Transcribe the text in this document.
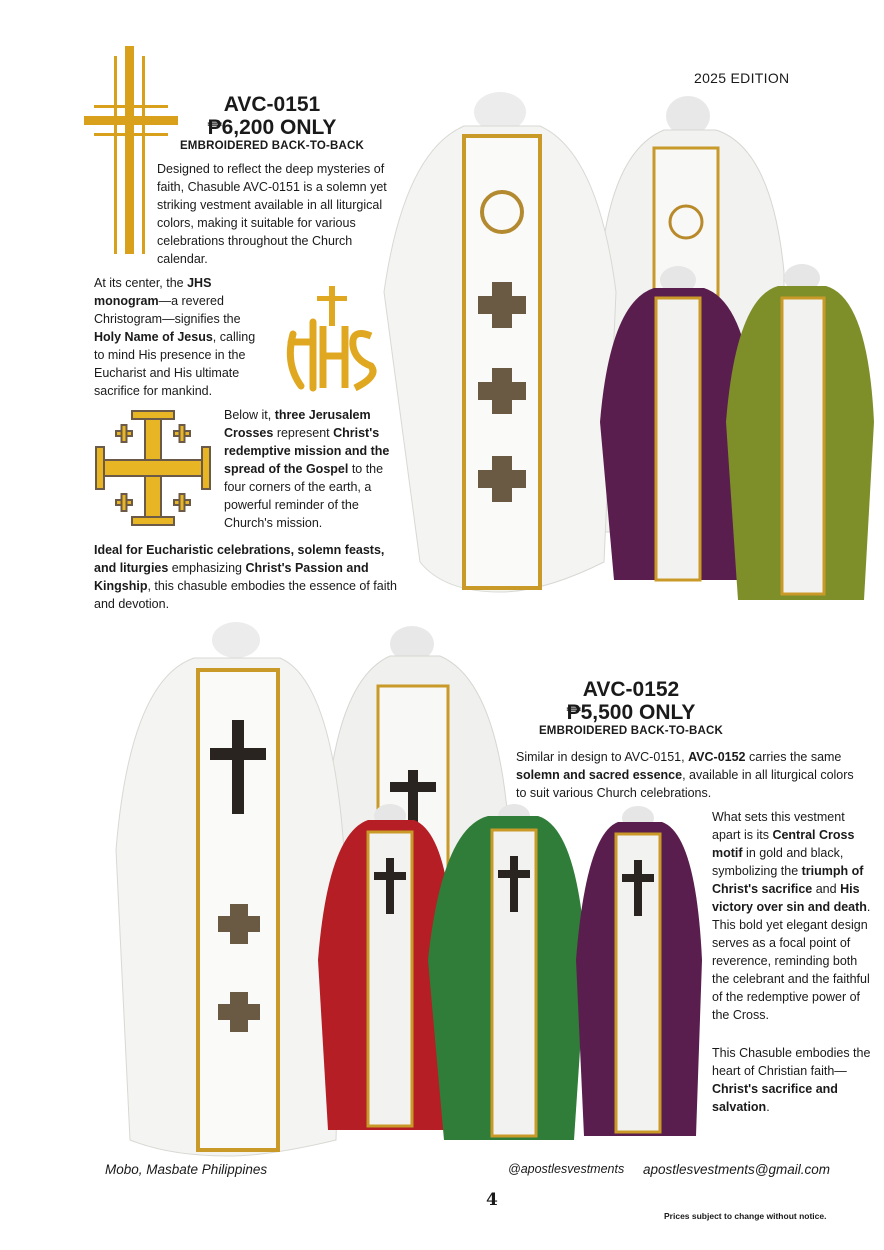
2025 EDITION
AVC-0151
₱6,200 ONLY
EMBROIDERED BACK-TO-BACK
Designed to reflect the deep mysteries of faith, Chasuble AVC-0151 is a solemn yet striking vestment available in all liturgical colors, making it suitable for various celebrations throughout the Church calendar.
At its center, the JHS monogram—a revered Christogram—signifies the Holy Name of Jesus, calling to mind His presence in the Eucharist and His ultimate sacrifice for mankind.
Below it, three Jerusalem Crosses represent Christ's redemptive mission and the spread of the Gospel to the four corners of the earth, a powerful reminder of the Church's mission.
Ideal for Eucharistic celebrations, solemn feasts, and liturgies emphasizing Christ's Passion and Kingship, this chasuble embodies the essence of faith and devotion.
AVC-0152
₱5,500 ONLY
EMBROIDERED BACK-TO-BACK
Similar in design to AVC-0151, AVC-0152 carries the same solemn and sacred essence, available in all liturgical colors to suit various Church celebrations.
What sets this vestment apart is its Central Cross motif in gold and black, symbolizing the triumph of Christ's sacrifice and His victory over sin and death. This bold yet elegant design serves as a focal point of reverence, reminding both the celebrant and the faithful of the redemptive power of the Cross.
This Chasuble embodies the heart of Christian faith—Christ's sacrifice and salvation.
Mobo, Masbate Philippines	@apostlesvestments apostlesvestments@gmail.com
4
Prices subject to change without notice.
